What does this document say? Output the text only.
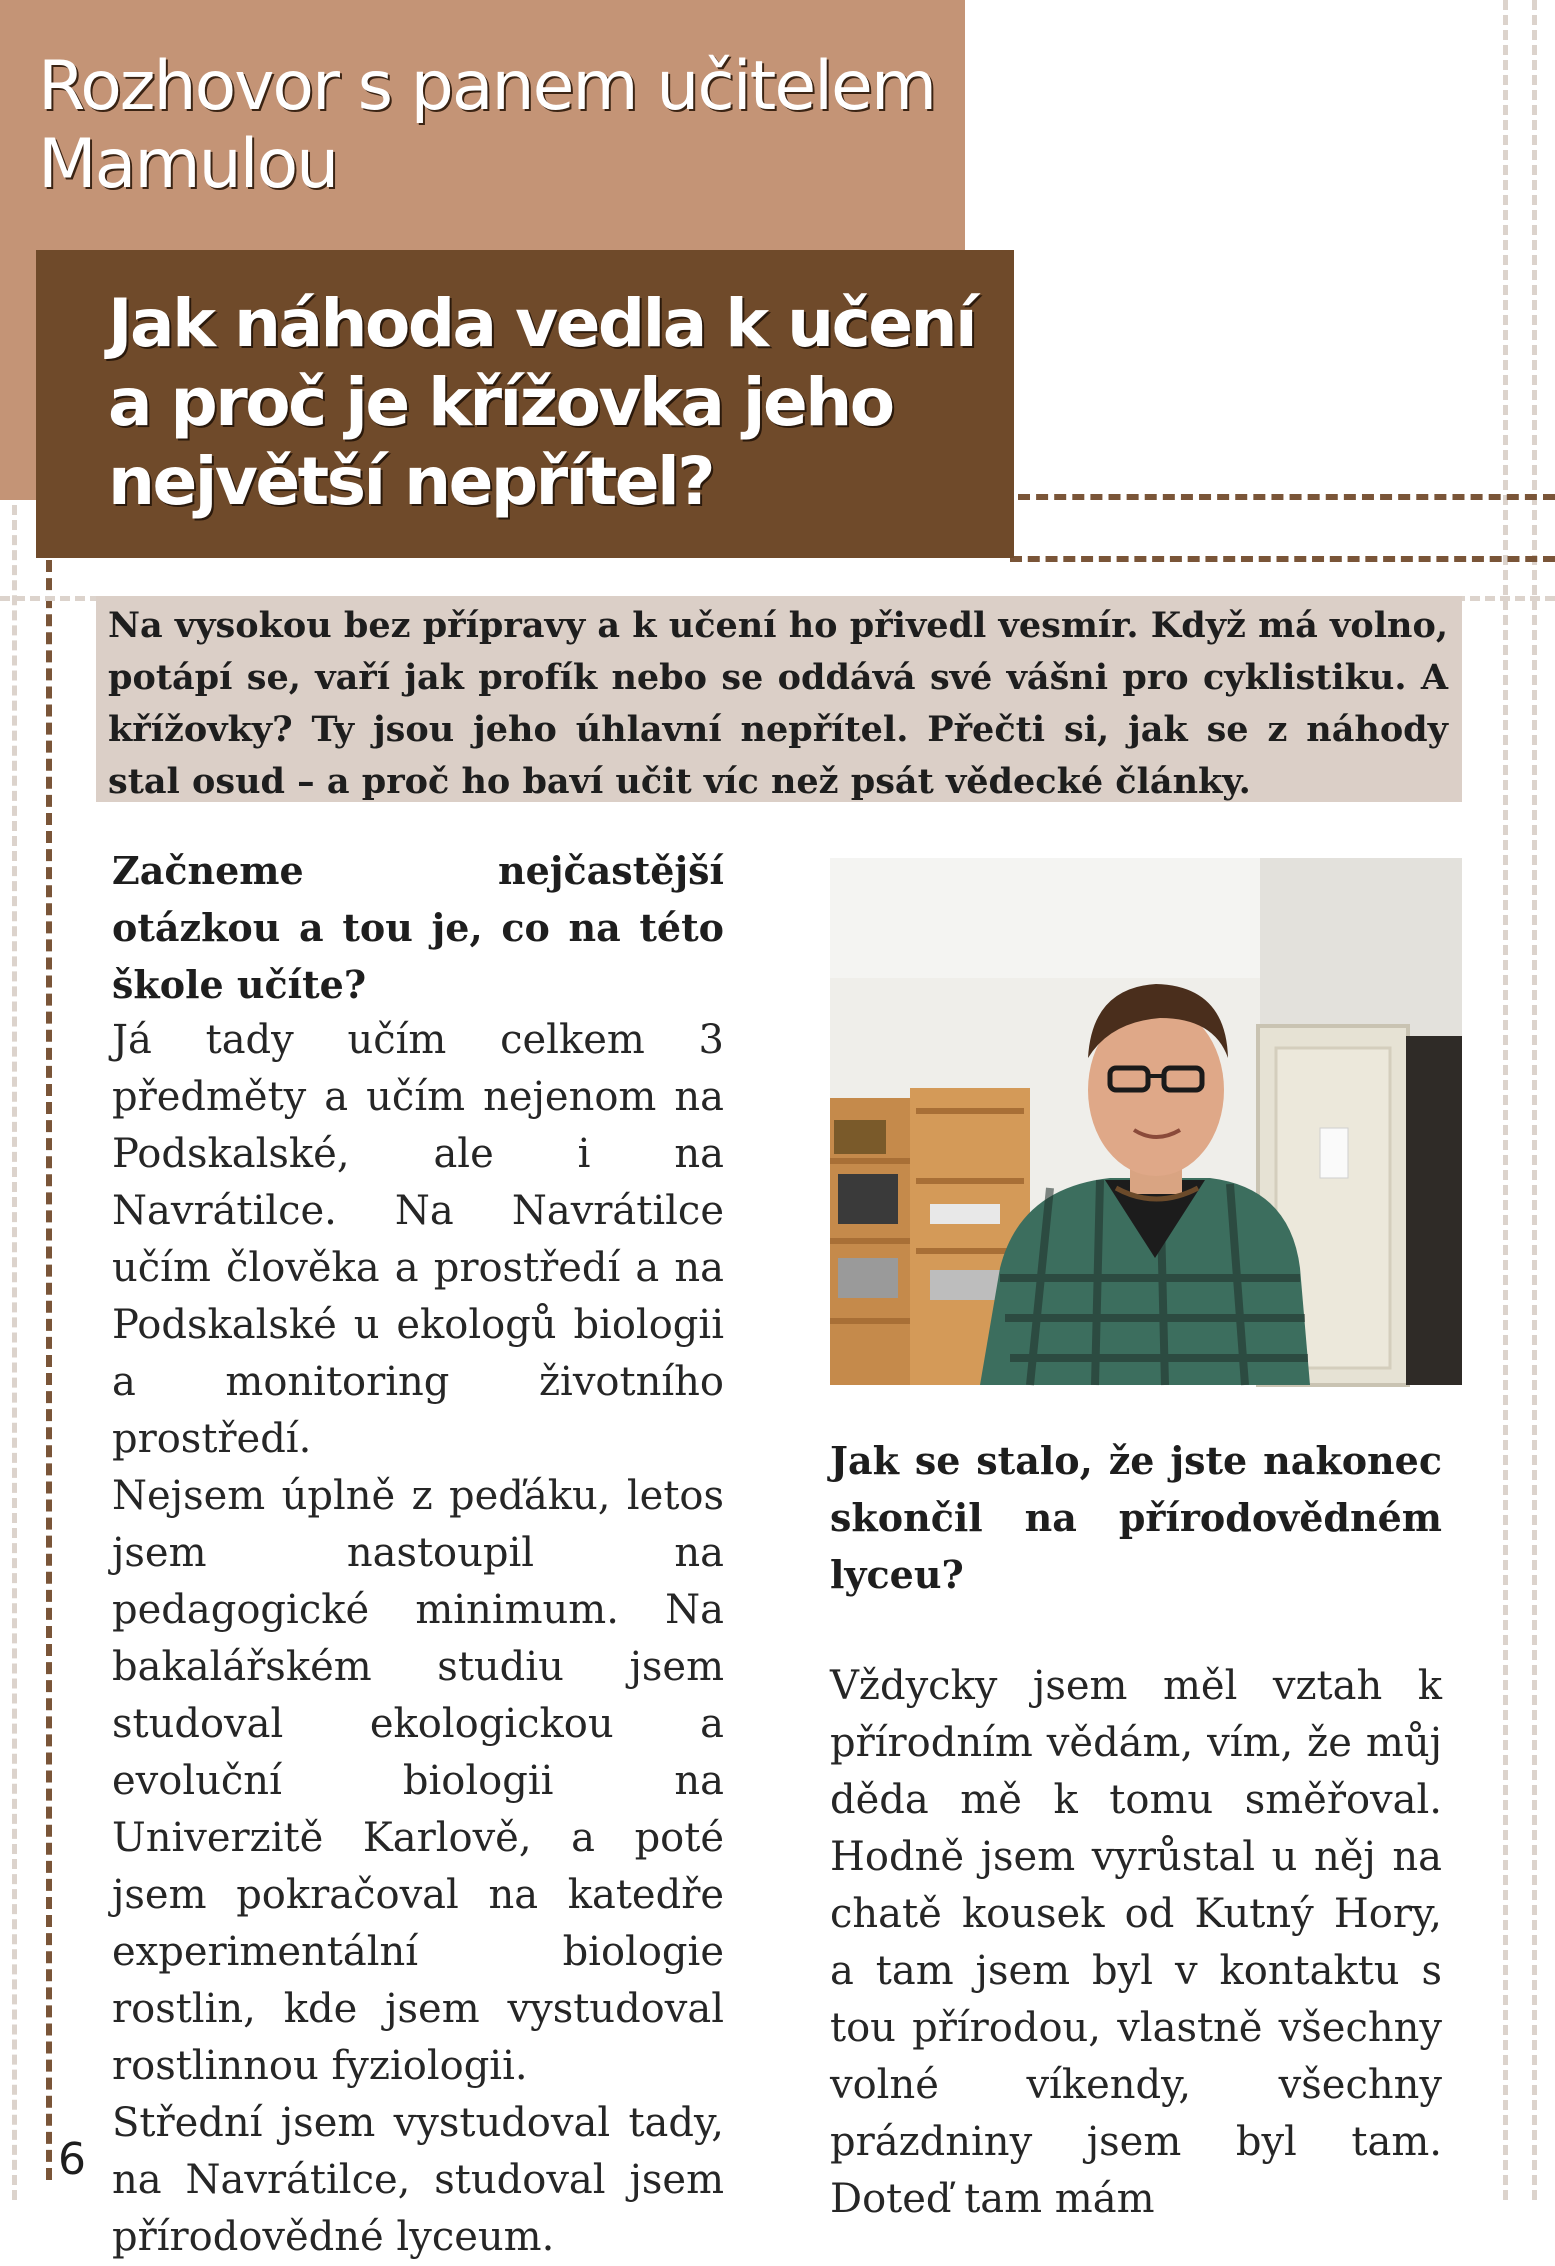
Rozhovor s panem učitelem Mamulou
Jak náhoda vedla k učení a proč je křížovka jeho největší nepřítel?

Na vysokou bez přípravy a k učení ho přivedl vesmír. Když má volno, potápí se, vaří jak profík nebo se oddává své vášni pro cyklistiku. A křížovky? Ty jsou jeho úhlavní nepřítel. Přečti si, jak se z náhody stal osud – a proč ho baví učit víc než psát vědecké články.

Začneme nejčastější otázkou a tou je, co na této škole učíte?

Já tady učím celkem 3 předměty a učím nejenom na Podskalské, ale i na Navrátilce. Na Navrátilce učím člověka a prostředí a na Podskalské u ekologů biologii a monitoring životního prostředí.

Nejsem úplně z peďáku, letos jsem nastoupil na pedagogické minimum. Na bakalářském studiu jsem studoval ekologickou a evoluční biologii na Univerzitě Karlově, a poté jsem pokračoval na katedře experimentální biologie rostlin, kde jsem vystudoval rostlinnou fyziologii.

Střední jsem vystudoval tady, na Navrátilce, studoval jsem přírodovědné lyceum.

Jak se stalo, že jste nakonec skončil na přírodovědném lyceu?

Vždycky jsem měl vztah k přírodním vědám, vím, že můj děda mě k tomu směřoval. Hodně jsem vyrůstal u něj na chatě kousek od Kutný Hory, a tam jsem byl v kontaktu s tou přírodou, vlastně všechny volné víkendy, všechny prázdniny jsem byl tam. Doteď tam mám

6
